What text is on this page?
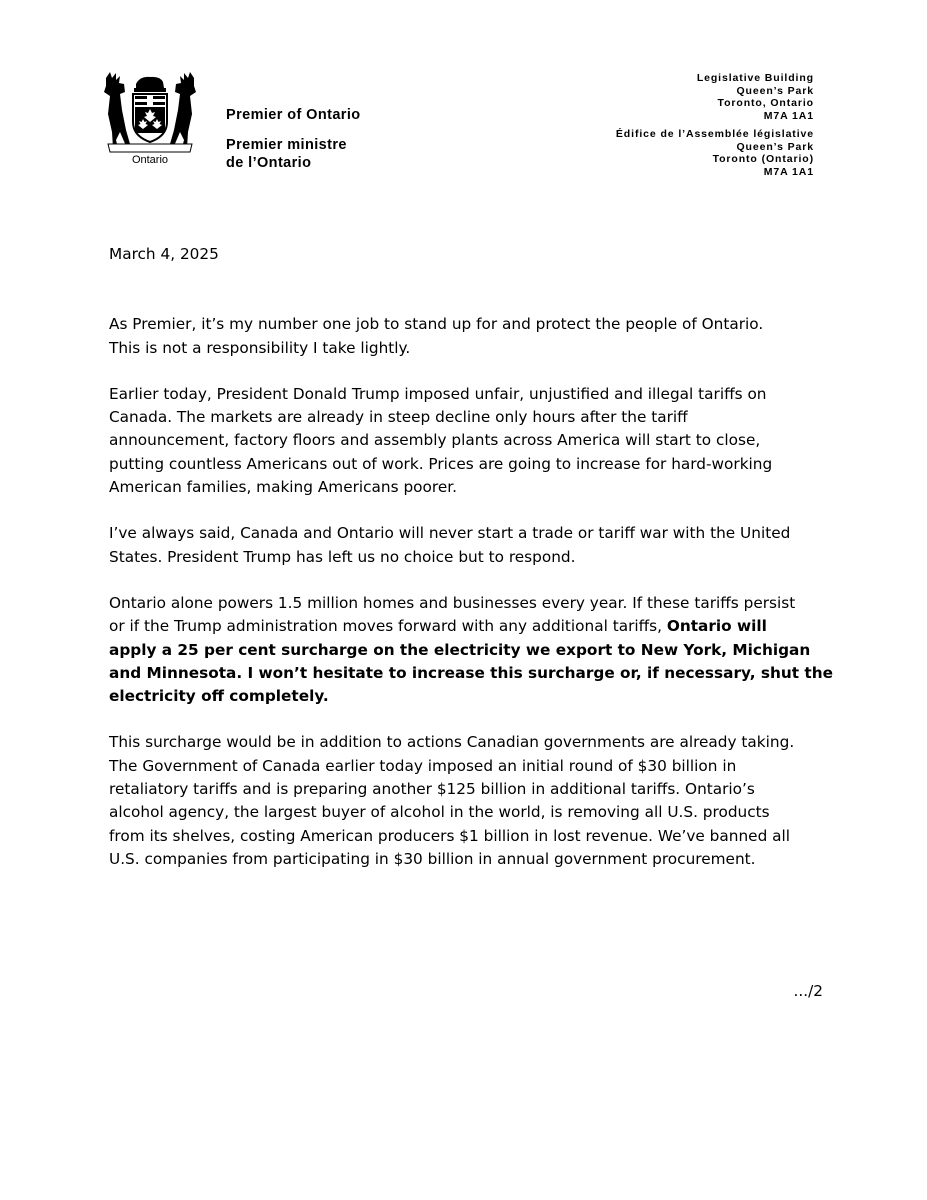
Ontario
Premier of Ontario
Premier ministre
de l’Ontario
Legislative Building
Queen’s Park
Toronto, Ontario
M7A 1A1
Édifice de l’Assemblée législative
Queen’s Park
Toronto (Ontario)
M7A 1A1

March 4, 2025

As Premier, it’s my number one job to stand up for and protect the people of Ontario.

This is not a responsibility I take lightly.

Earlier today, President Donald Trump imposed unfair, unjustified and illegal tariffs on

Canada. The markets are already in steep decline only hours after the tariff

announcement, factory floors and assembly plants across America will start to close,

putting countless Americans out of work. Prices are going to increase for hard-working

American families, making Americans poorer.

I’ve always said, Canada and Ontario will never start a trade or tariff war with the United

States. President Trump has left us no choice but to respond.

Ontario alone powers 1.5 million homes and businesses every year. If these tariffs persist

or if the Trump administration moves forward with any additional tariffs, Ontario will

apply a 25 per cent surcharge on the electricity we export to New York, Michigan

and Minnesota. I won’t hesitate to increase this surcharge or, if necessary, shut the

electricity off completely.

This surcharge would be in addition to actions Canadian governments are already taking.

The Government of Canada earlier today imposed an initial round of $30 billion in

retaliatory tariffs and is preparing another $125 billion in additional tariffs. Ontario’s

alcohol agency, the largest buyer of alcohol in the world, is removing all U.S. products

from its shelves, costing American producers $1 billion in lost revenue. We’ve banned all

U.S. companies from participating in $30 billion in annual government procurement.

.../2
